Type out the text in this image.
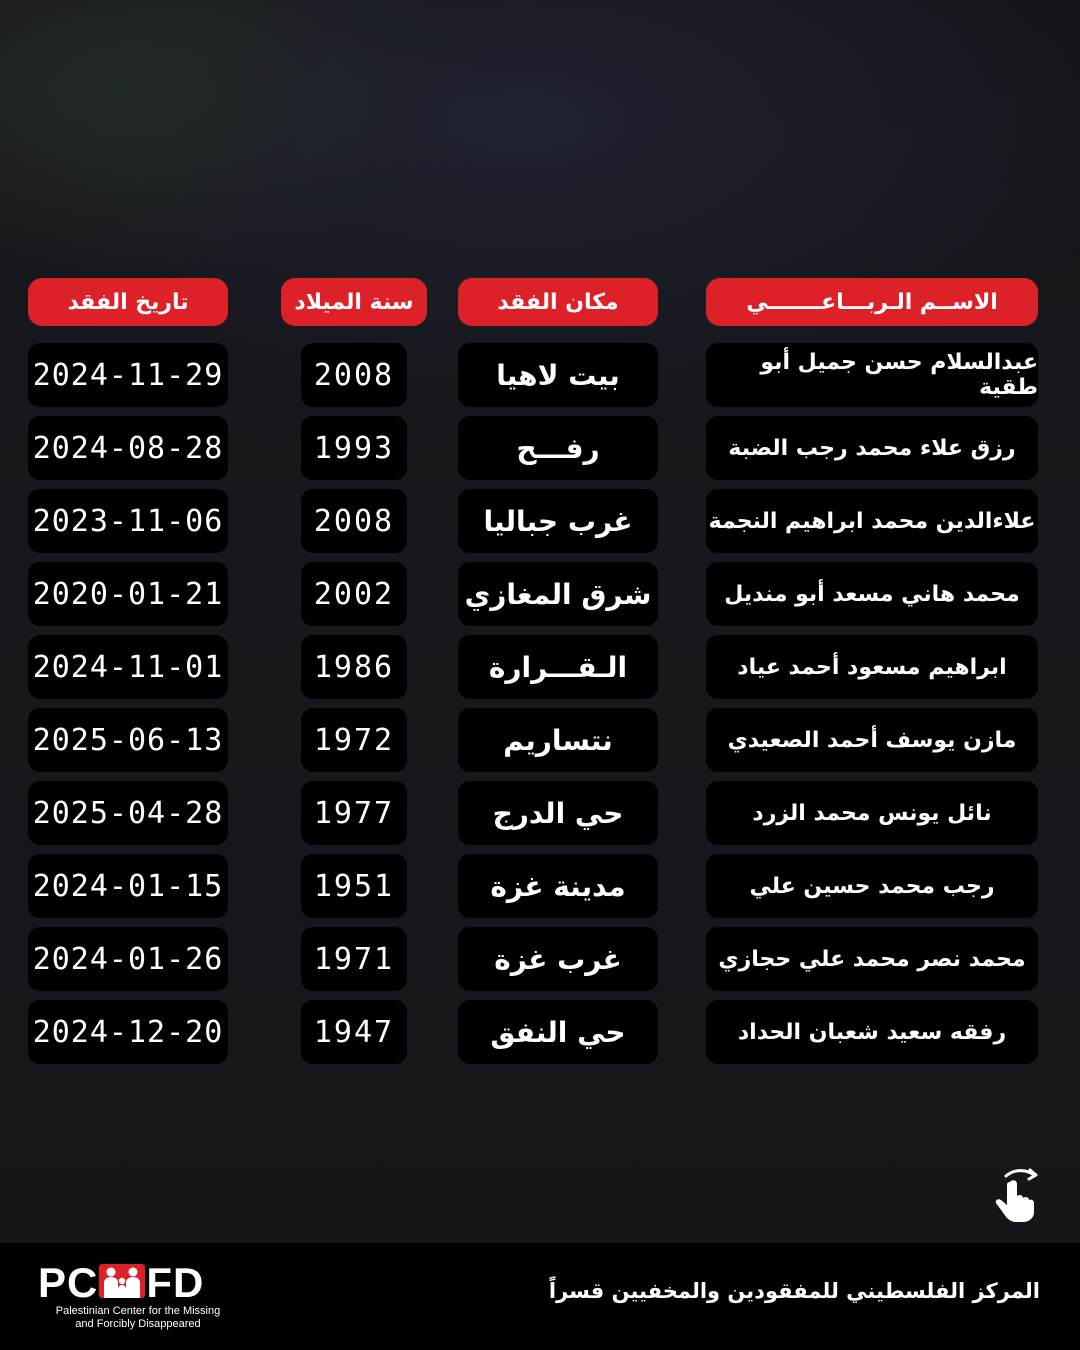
الاســم الـربـــاعـــــــي
مكان الفقد
سنة الميلاد
تاريخ الفقد
عبدالسلام حسن جميل أبو طقية
بيت لاهيا
2008
2024-11-29
رزق علاء محمد رجب الضبة
رفـــح
1993
2024-08-28
علاءالدين محمد ابراهيم النجمة
غرب جباليا
2008
2023-11-06
محمد هاني مسعد أبو منديل
شرق المغازي
2002
2020-01-21
ابراهيم مسعود أحمد عياد
الـقـــرارة
1986
2024-11-01
مازن يوسف أحمد الصعيدي
نتساريم
1972
2025-06-13
نائل يونس محمد الزرد
حي الدرج
1977
2025-04-28
رجب محمد حسين علي
مدينة غزة
1951
2024-01-15
محمد نصر محمد علي حجازي
غرب غزة
1971
2024-01-26
رفقه سعيد شعبان الحداد
حي النفق
1947
2024-12-20
PC FD
Palestinian Center for the Missing
and Forcibly Disappeared
المركز الفلسطيني للمفقودين والمخفيين قسراً
